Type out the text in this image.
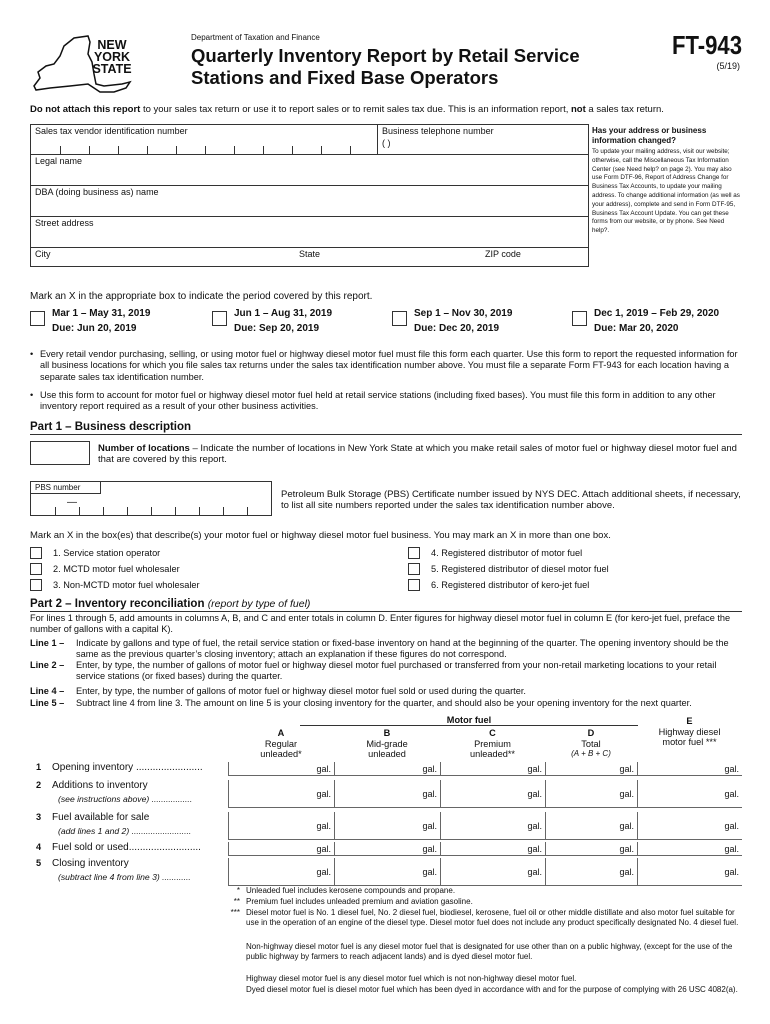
NEW YORK STATE
Department of Taxation and Finance
Quarterly Inventory Report by Retail Service Stations and Fixed Base Operators
FT-943
(5/19)
Do not attach this report to your sales tax return or use it to report sales or to remit sales tax due. This is an information report, not a sales tax return.
Sales tax vendor identification number	Business telephone number
( )
Legal name
DBA (doing business as) name
Street address
City	State	ZIP code
Has your address or business information changed?
To update your mailing address, visit our website; otherwise, call the Miscellaneous Tax Information Center (see Need help? on page 2). You may also use Form DTF-96, Report of Address Change for Business Tax Accounts, to update your mailing address. To change additional information (as well as your address), complete and send in Form DTF-95, Business Tax Account Update. You can get these forms from our website, or by phone. See Need help?.
Mark an X in the appropriate box to indicate the period covered by this report.
• Every retail vendor purchasing, selling, or using motor fuel or highway diesel motor fuel must file this form each quarter. Use this form to report the requested information for all business locations for which you file sales tax returns under the sales tax identification number above. You must file a separate Form FT-943 for each location having a separate sales tax identification number.
• Use this form to account for motor fuel or highway diesel motor fuel held at retail service stations (including fixed bases). You must file this form in addition to any other inventory report required as a result of your other business activities.
Part 1 – Business description
Number of locations – Indicate the number of locations in New York State at which you make retail sales of motor fuel or highway diesel motor fuel and that are covered by this report.
PBS number
—
Petroleum Bulk Storage (PBS) Certificate number issued by NYS DEC. Attach additional sheets, if necessary, to list all site numbers reported under the sales tax identification number above.
Mark an X in the box(es) that describe(s) your motor fuel or highway diesel motor fuel business. You may mark an X in more than one box.
Part 2 – Inventory reconciliation (report by type of fuel)
For lines 1 through 5, add amounts in columns A, B, and C and enter totals in column D. Enter figures for highway diesel motor fuel in column E (for kero-jet fuel, preface the number of gallons with a capital K).
Motor fuel
Mar 1 – May 31, 2019
Due: Jun 20, 2019
Jun 1 – Aug 31, 2019
Due: Sep 20, 2019
Sep 1 – Nov 30, 2019
Due: Dec 20, 2019
Dec 1, 2019 – Feb 29, 2020
Due: Mar 20, 2020
1. Service station operator
2. MCTD motor fuel wholesaler
3. Non-MCTD motor fuel wholesaler
4. Registered distributor of motor fuel
5. Registered distributor of diesel motor fuel
6. Registered distributor of kero-jet fuel
Line 1 – Indicate by gallons and type of fuel, the retail service station or fixed-base inventory on hand at the beginning of the quarter. The opening inventory should be the same as the previous quarter’s closing inventory; attach an explanation if these figures do not correspond.
Line 2 – Enter, by type, the number of gallons of motor fuel or highway diesel motor fuel purchased or transferred from your non-retail marketing locations to your retail service stations (or fixed bases) during the quarter.
Line 4 – Enter, by type, the number of gallons of motor fuel or highway diesel motor fuel sold or used during the quarter.
Line 5 – Subtract line 4 from line 3. The amount on line 5 is your closing inventory for the quarter, and should also be your opening inventory for the next quarter.
A
Regular unleaded*
B
Mid-grade unleaded
C
Premium unleaded**
D
Total
(A + B + C)
E
Highway diesel motor fuel ***
1 Opening inventory ........................	gal.	gal.	gal.	gal.	gal.
2 Additions to inventory
(see instructions above) .................	gal.	gal.	gal.	gal.	gal.
3 Fuel available for sale
(add lines 1 and 2) .........................	gal.	gal.	gal.	gal.	gal.
4 Fuel sold or used..........................	gal.	gal.	gal.	gal.	gal.
5 Closing inventory
(subtract line 4 from line 3) ............	gal.	gal.	gal.	gal.	gal.
* Unleaded fuel includes kerosene compounds and propane.
** Premium fuel includes unleaded premium and aviation gasoline.
*** Diesel motor fuel is No. 1 diesel fuel, No. 2 diesel fuel, biodiesel, kerosene, fuel oil or other middle distillate and also motor fuel suitable for use in the operation of an engine of the diesel type. Diesel motor fuel does not include any product specifically designated No. 4 diesel fuel.
Non-highway diesel motor fuel is any diesel motor fuel that is designated for use other than on a public highway, (except for the use of the public highway by farmers to reach adjacent lands) and is dyed diesel motor fuel.
Highway diesel motor fuel is any diesel motor fuel which is not non-highway diesel motor fuel.
Dyed diesel motor fuel is diesel motor fuel which has been dyed in accordance with and for the purpose of complying with 26 USC 4082(a).
